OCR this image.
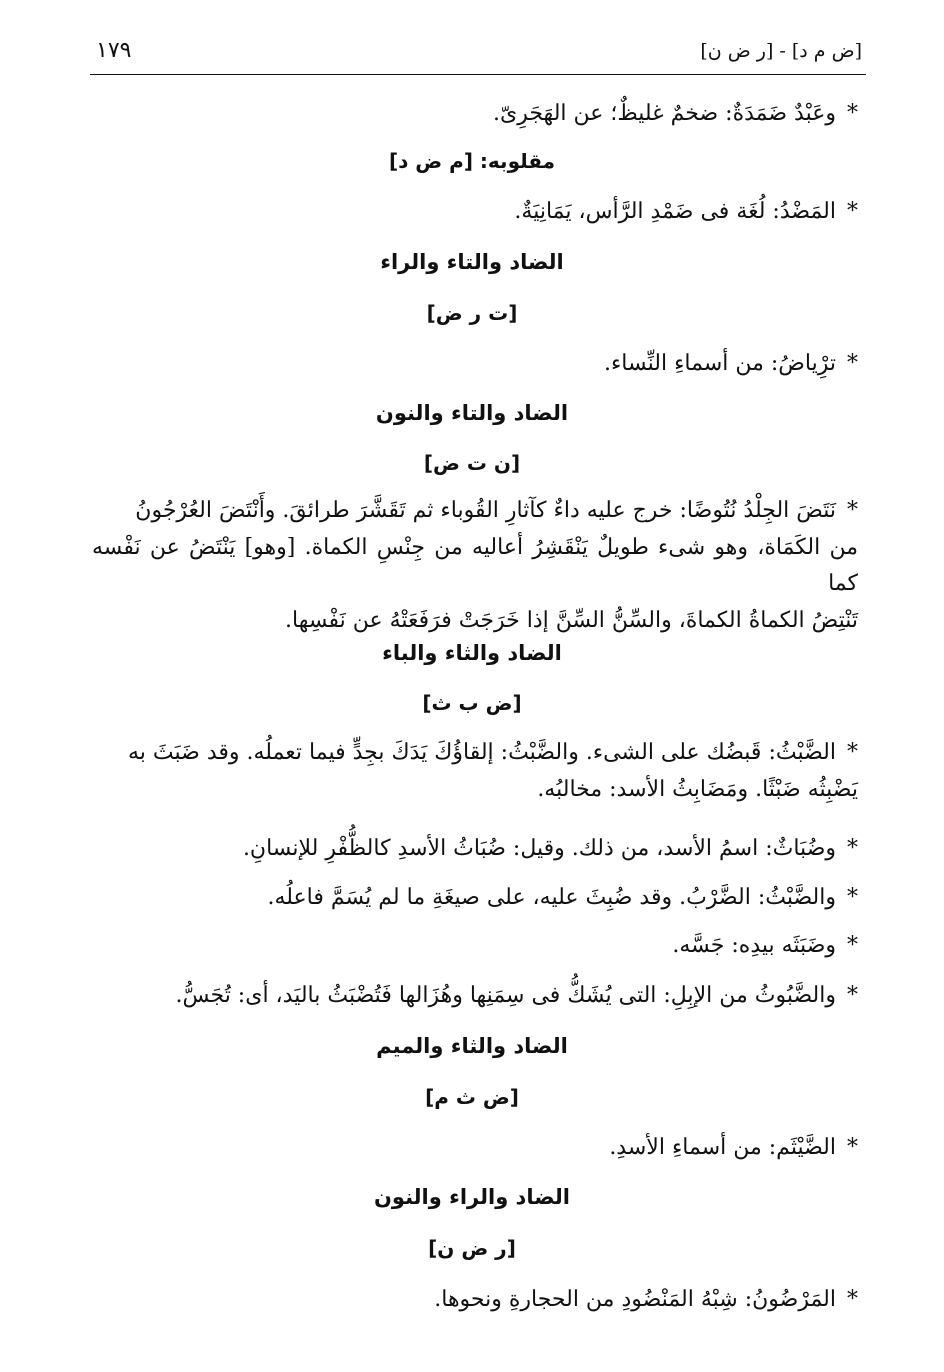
١٧٩	[ض م د] - [ر ض ن]
* وعَبْدٌ ضَمَدَةٌ: ضخمٌ غليظٌ؛ عن الهَجَرِىّ.
مقلوبه: [م ض د]
* المَضْدُ: لُغَة فى ضَمْدِ الرَّأس، يَمَانِيَةٌ.
الضاد والتاء والراء
[ت ر ض]
* ترِْياضُ: من أسماءِ النِّساء.
الضاد والتاء والنون
[ن ت ض]
* نَتَضَ الجِلْدُ نُتُوضًا: خرج عليه داءٌ كآثارِ القُوباء ثم تَقَشَّرَ طرائقَ. وأَنْتَضَ العُرْجُونُ
من الكَمَاة، وهو شىء طويلٌ يَنْقَشِرُ أعاليه من جِنْسِ الكماة. [وهو] يَنْتَضُ عن نَفْسه كما
تَنْتِضُ الكماةُ الكماةَ، والسِّنُّ السِّنَّ إذا خَرَجَتْ فرَفَعَتْهُ عن نَفْسِها.
الضاد والثاء والباء
[ض ب ث]
* الضَّبْثُ: قَبضُك على الشىء. والضَّبْثُ: إلقاؤُكَ يَدَكَ بجِدٍّ فيما تعملُه. وقد ضَبَثَ به
يَضْبِثُه ضَبْثًا. ومَضَابِثُ الأسد: مخالبُه.
* وضُبَاثٌ: اسمُ الأسد، من ذلك. وقيل: ضُبَاثُ الأسدِ كالظُّفْرِ للإنسانِ.
* والضَّبْثُ: الضَّرْبُ. وقد ضُبِثَ عليه، على صيغَةِ ما لم يُسَمَّ فاعلُه.
* وضَبَثَه بيدِه: جَسَّه.
* والضَّبُوثُ من الإبِلِ: التى يُشَكُّ فى سِمَنِها وهُزَالها فَتُضْبَثُ باليَد، أى: تُجَسُّ.
الضاد والثاء والميم
[ض ث م]
* الضَّيْثَم: من أسماءِ الأسدِ.
الضاد والراء والنون
[ر ض ن]
* المَرْضُونُ: شِبْهُ المَنْضُودِ من الحجارةِ ونحوها.
